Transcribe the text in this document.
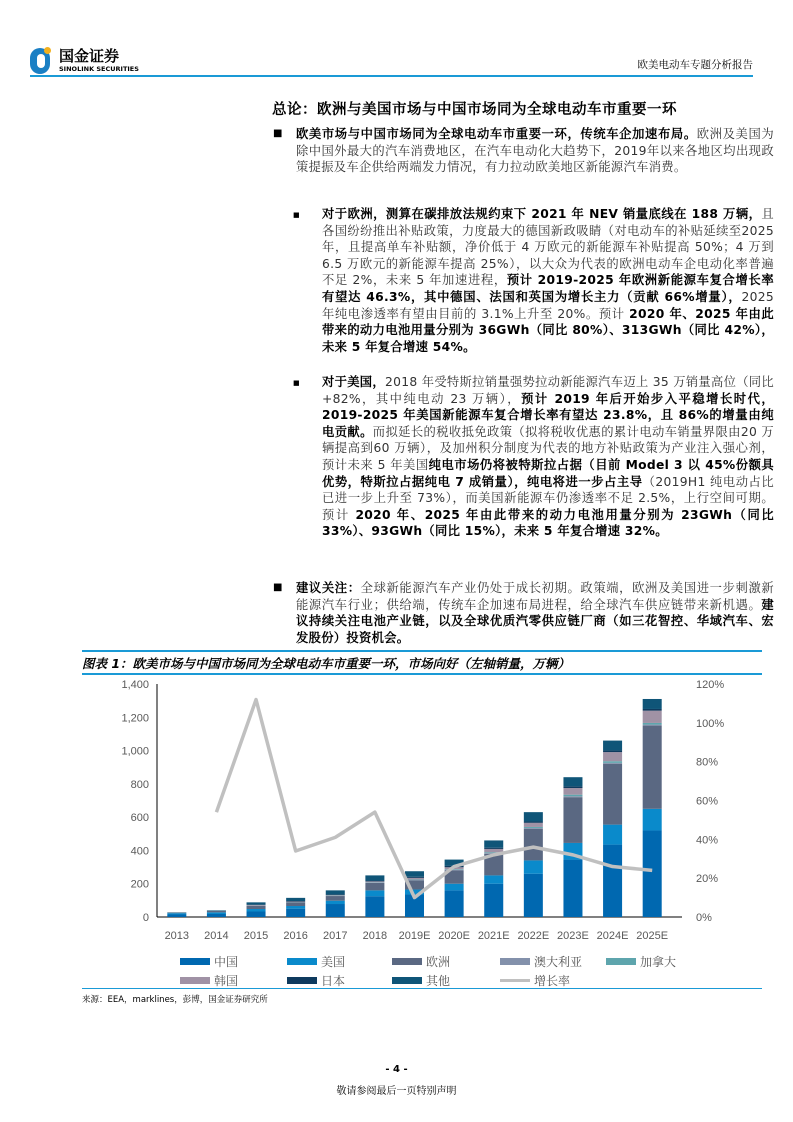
国金证券
SINOLINK SECURITIES	欧美电动车专题分析报告
总论：欧洲与美国市场与中国市场同为全球电动车市重要一环
■ 欧美市场与中国市场同为全球电动车市重要一环，传统车企加速布局。欧洲及美国为除中国外最大的汽车消费地区，在汽车电动化大趋势下，2019年以来各地区均出现政策提振及车企供给两端发力情况，有力拉动欧美地区新能源汽车消费。
■ 对于欧洲，测算在碳排放法规约束下 2021 年 NEV 销量底线在 188 万辆，且各国纷纷推出补贴政策，力度最大的德国新政吸睛（对电动车的补贴延续至2025 年，且提高单车补贴额，净价低于 4 万欧元的新能源车补贴提高 50%；4 万到 6.5 万欧元的新能源车提高 25%），以大众为代表的欧洲电动车企电动化率普遍不足 2%，未来 5 年加速进程，预计 2019-2025 年欧洲新能源车复合增长率有望达 46.3%，其中德国、法国和英国为增长主力（贡献 66%增量），2025 年纯电渗透率有望由目前的 3.1%上升至 20%。预计 2020 年、2025 年由此带来的动力电池用量分别为 36GWh（同比 80%）、313GWh（同比 42%），未来 5 年复合增速 54%。
■ 对于美国，2018 年受特斯拉销量强势拉动新能源汽车迈上 35 万销量高位（同比+82%，其中纯电动 23 万辆），预计 2019 年后开始步入平稳增长时代，2019-2025 年美国新能源车复合增长率有望达 23.8%，且 86%的增量由纯电贡献。而拟延长的税收抵免政策（拟将税收优惠的累计电动车销量界限由20 万辆提高到60 万辆），及加州积分制度为代表的地方补贴政策为产业注入强心剂，预计未来 5 年美国纯电市场仍将被特斯拉占据（目前 Model 3 以 45%份额具优势，特斯拉占据纯电 7 成销量），纯电将进一步占主导（2019H1 纯电动占比已进一步上升至 73%），而美国新能源车仍渗透率不足 2.5%，上行空间可期。预计 2020 年、2025 年由此带来的动力电池用量分别为 23GWh（同比33%）、93GWh（同比 15%），未来 5 年复合增速 32%。
■ 建议关注：全球新能源汽车产业仍处于成长初期。政策端，欧洲及美国进一步刺激新能源汽车行业；供给端，传统车企加速布局进程，给全球汽车供应链带来新机遇。建议持续关注电池产业链，以及全球优质汽零供应链厂商（如三花智控、华域汽车、宏发股份）投资机会。
图表 1：欧美市场与中国市场同为全球电动车市重要一环，市场向好（左轴销量，万辆）
0
200
400
600
800
1,000
1,200
1,400
0%
20%
40%
60%
80%
100%
120%
2013 2014 2015 2016 2017 2018 2019E 2020E 2021E 2022E 2023E 2024E 2025E
中国	美国	欧洲	澳大利亚	加拿大
韩国	日本	其他	增长率
来源：EEA，marklines，彭博，国金证券研究所
- 4 -
敬请参阅最后一页特别声明
